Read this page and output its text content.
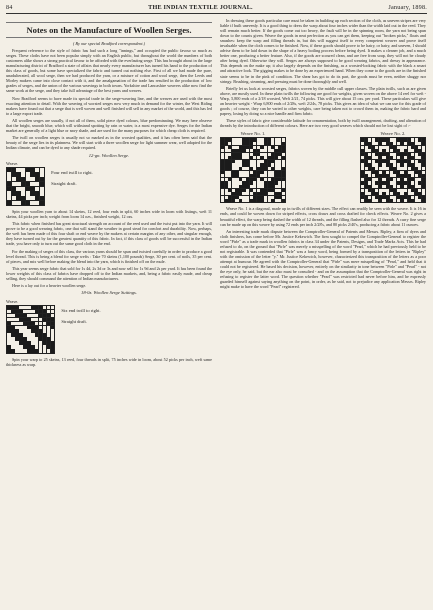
84	THE INDIAN TEXTILE JOURNAL.	January, 1898.
Notes on the Manufacture of Woollen Serges.
( By our special Bradford correspondent.)

Frequent reference to the style of fabric has had such a long "innings," and occupied the public favour so much as serges. These cloths have not been popular simply with an English public, but throughout the world the numbers of both customers alike shows a strong practical favour to be afforded with the everlasting serge. This has brought about in the large manufacturing district of Bradford a state of affairs that nearly every manufacturer has turned his hand to the production of this class of goods, but some have specialized the fabric and turned out nothing else. First of all we had made the pure, unadulterated, all wool serge, then we had produced the yarn, or a mixture of cotton and wool serge, then the Leeds and Morley makers came into close contact with it, and the amalgamation of the trade has resulted in the production of low grades of serges, and the union of the various weavings in both towns. Yorkshire and Lancashire weavers alike now find the same work at the serge, and they take full advantage of the best yarns and weaves.

Now Bradford seems to have made its special trade in the serge-weaving line, and the weaves are used with the most exacting attention to detail. With the weaving of worsted serges now very much in demand for the winter, the West Riding makers have found out that a serge that is well woven and well finished will sell in any market of the world, and this has led to a large export trade.

All woollen serges are usually, if not all of them, solid piece dyed colours, blue predominating. We may here observe that the bright, smooth blue, which will withstand spotting by rain or water, is a most expensive dye. Serges for the Indian market are generally of a light blue or navy shade, and are used for the many purposes for which cheap cloth is required.

The twill on woollen serges is usually not so marked as in the worsted qualities, and it has often been said that the beauty of the serge lies in its plainness. We will start with a three woollen serge for light summer wear, well adapted for the Indian climate, and can be dyed to any shade required.

12-gn. Woollen Serge.
Weave.
Four end twill to right.
Straight draft.

Spin your woollen yarn to about 14 skeins, 12 reed, four ends in split, 60 inches wide in loom with listings, weft 11 skeins, 44 picks per inch; weight from loom 14 ozs., finished weight, 12 ozs.

This fabric when finished has great structural strength on account of the reed used and the twist put into the yarn. It will prove to be a good wearing fabric, one that will stand the weather in good stead for comfort and durability. Now, perhaps, the weft has been made of this four shaft or end weave by the makers at certain margins of any other, and singular enough, they have turned out by far the greatest quantity of this fabric. In fact, if this class of goods will be successful in the Indian trade, you have only to turn out the same good cloth in the end.

For the making of serges of this class, the various yarns should be spun and twisted carefully in order to produce a good level thread. This is being a blend for serge wefts : Take 70 skeins (1,100 pounds) Serge, 30 per cent. of noils, 35 per cent. of pieces, and mix well before making the blend into the yarn, which is finished off on the mule.

This year seems serge fabric that sold for 1s 4d, 2s 3d or 3s and now sell for 1s 9d and 2s per yard. It has been found the lower weights of this class of fabrics have dropped off to the Indian markets, and, being a fabric easily made, and cheap selling, they should command the attention of Indian manufacturers.

Here is a lay out for a heavier woollen serge.

18-0z. Woollen Serge Suitings.
Weave.
Six end twill to right.
Straight draft.

Spin your warp to 25 skeins, 13 reed, four threads in split, 75 inches wide in loom, about 52 picks per inch, weft same thickness as warp.

In dressing these goods particular care must be taken in building up each section of the cloth, as uneven stripes are very liable if built unevenly. It is a good thing to dress the warp about four inches wider than the width laid out in the reed. They will remain much better. If the goods come out too heavy, the fault will be in the spinning room, the yarn not being spun down to the counts given. Weave the goods in neat perfection as you can get them, keeping out "broken picks," floats and smashes: keep the warp and filling threads in, but this will suggest itself to every competent weaver and prove itself invaluable when the cloth comes to be finished. Now, if these goods should prove to be hairy, or hairy, and uneven, I should advise them to be laid down in the shape of a heavy boiling process before being dyed. It makes a cleaner job, and a much better one, producing a better feature. Also, if the goods are scoured clean, and are free from soap, they will not be cloudy after being dyed. Otherwise they will. Serges are always supposed to be good wearing fabrics, and dressy in appearance. This depends on the make up; it also largely depends on the finishing, as a worsted-looking fabric with the black a smart and attractive look. The gigging makes to be done by an experienced hand. When they come to the goods are in the finished state seems to be in the pink of condition. The shear has got to do its part, the goods must be even, neither shaggy nor stringy. Brushing, steaming, and pressing must be done thoroughly and well.

Briefly let us look at worsted serges, fabrics woven by the middle cull upper classes. The plain twills, such as are given above, are mostly used. In these plain twills the following are good for weights, given woven on the above 14 reel for weft - Warp, 5,800 ends of a 2/18 worsted, Weft 2/21, 74 picks. This will give about 15 ozs. per yard. These particulars will give an heavier weight - Warp 6,800 ends of 2/28s, weft 2/24s, 78 picks. This gives an idea of what we can use for this grade of goods ; of course, they can be varied to other weights, care being taken not to crowd them in, making the fabric hard and papery, losing by doing so a nice handle and firm fabric.

These styles of fabric give considerable latitude for ornamentation, both by twill arrangement, drafting, and alteration of threads by the introduction of different colours. Here are two very good weaves which should not be lost sight of :-

Weave No. 1.	Weave No. 2.

Weave No. 1 is a diagonal, made up in twills of different sizes. The effect can readily be seen with the weave. It is 16 in ends, and could be woven down for striped effects, cross draws and cross drafted for check effects. Weave No. 2 gives a beautiful effect, the warp being dashed the width of 12 threads, and the filling flashed also for 12 threads. A curry fine serge can be made up on this weave by using 72 ends per inch 2/28's, and 80 picks 2/40's, producing a fabric about 11 ounces.

An interesting trade mark dispute between the Comptroller-General of Patents and Messrs. Ripley, a firm of dyers and cloth finishers, has come before Mr. Justice Kekewich. The firm sought to compel the Comptroller-General to register the word "Pirle" as a trade mark in woollen fabrics in class 34 under the Patents, Designs, and Trade Marks Acts. This he had refused to do, on the ground that "Pirle" was merely a misspelling of the word "Pearl," which he had previously held to be not registrable. It was contended that "Pirle" was a fancy word, being formed by a transposition of the letters in "Ripley" with the omission of the letter "y." Mr. Justice Kekewich, however, characterized this transposition of the letters as a poor attempt at humour. He agreed with the Comptroller-General that "Pirle" was mere misspelling of "Pearl," and held that it could not be registered. He based his decision, however, entirely on the similarity in tone between "Pirle" and "Pearl" - not the eye only, he said, but the ear also must be consulted - and on the assumption that the Comptroller-General was right in refusing to register the latter word. The question whether "Pearl" was restricted had never before him, and he expressly guarded himself against saying anything on the point, in order, as he said, not to prejudice any application Messrs. Ripley might make to have the word "Pearl" registered.
